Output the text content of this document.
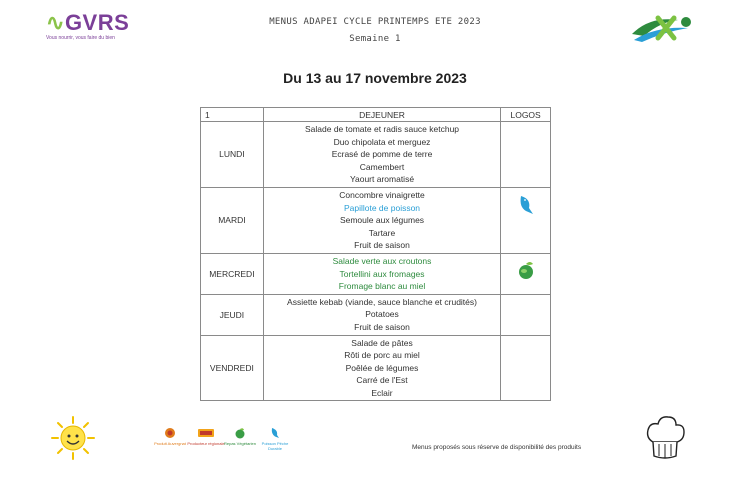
∿GVRS
Vous nourrir, vous faire du bien
MENUS ADAPEI CYCLE PRINTEMPS ETE 2023
Semaine 1
Du 13 au 17 novembre 2023
1	DEJEUNER	LOGOS
LUNDI	Salade de tomate et radis sauce ketchup
Duo chipolata et merguez
Ecrasé de pomme de terre
Camembert
Yaourt aromatisé	

MARDI	Concombre vinaigrette
Papillote de poisson
Semoule aux légumes
Tartare
Fruit de saison

MERCREDI	Salade verte aux croutons
Tortellini aux fromages
Fromage blanc au miel

JEUDI	Assiette kebab (viande, sauce blanche et crudités)
Potatoes
Fruit de saison	

VENDREDI	Salade de pâtes
Rôti de porc au miel
Poêlée de légumes
Carré de l'Est
Eclair	

Produit Auvergnat Producteur régionale Repas Végétarien	Poisson Pêche Durable	Menus proposés sous réserve de disponibilité des produits
